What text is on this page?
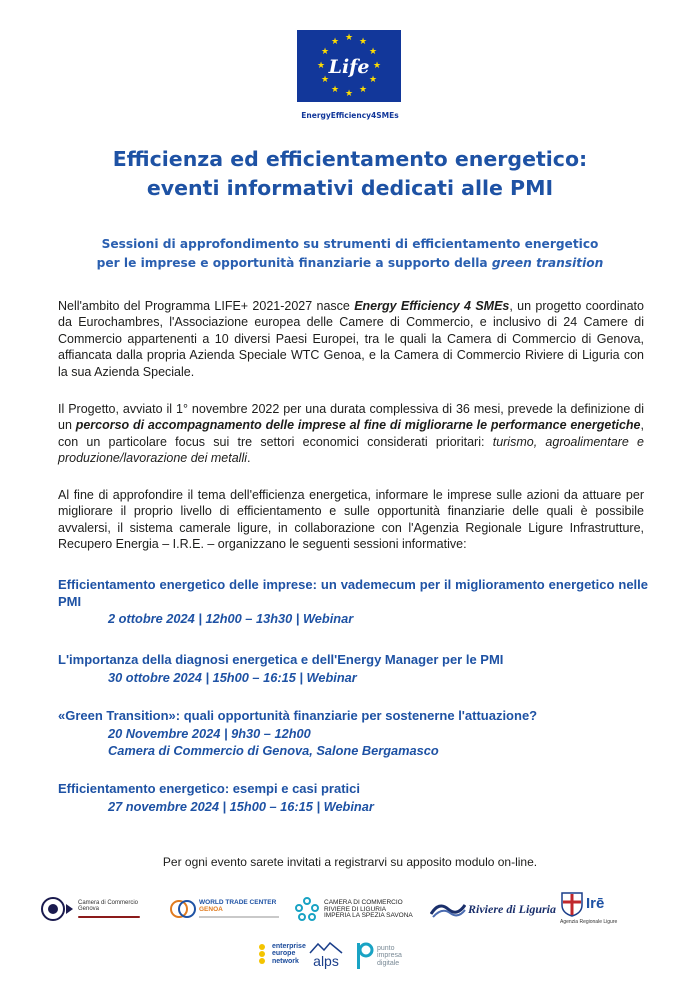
★ ★
★
★
★
★
★
★
★
★
★
★
Life
EnergyEfficiency4SMEs
Efficienza ed efficientamento energetico:
eventi informativi dedicati alle PMI
Sessioni di approfondimento su strumenti di efficientamento energetico
per le imprese e opportunità finanziarie a supporto della green transition

Nell'ambito del Programma LIFE+ 2021-2027 nasce Energy Efficiency 4 SMEs, un progetto coordinato da Eurochambres, l'Associazione europea delle Camere di Commercio, e inclusivo di 24 Camere di Commercio appartenenti a 10 diversi Paesi Europei, tra le quali la Camera di Commercio di Genova, affiancata dalla propria Azienda Speciale WTC Genoa, e la Camera di Commercio Riviere di Liguria con la sua Azienda Speciale.

Il Progetto, avviato il 1° novembre 2022 per una durata complessiva di 36 mesi, prevede la definizione di un percorso di accompagnamento delle imprese al fine di migliorarne le performance energetiche, con un particolare focus sui tre settori economici considerati prioritari: turismo, agroalimentare e produzione/lavorazione dei metalli.

Al fine di approfondire il tema dell'efficienza energetica, informare le imprese sulle azioni da attuare per migliorare il proprio livello di efficientamento e sulle opportunità finanziarie delle quali è possibile avvalersi, il sistema camerale ligure, in collaborazione con l'Agenzia Regionale Ligure Infrastrutture, Recupero Energia – I.R.E. – organizzano le seguenti sessioni informative:

Efficientamento energetico delle imprese: un vademecum per il miglioramento energetico nelle PMI

2 ottobre 2024 | 12h00 – 13h30 | Webinar

L'importanza della diagnosi energetica e dell'Energy Manager per le PMI

30 ottobre 2024 | 15h00 – 16:15 | Webinar

«Green Transition»: quali opportunità finanziarie per sostenerne l'attuazione?

20 Novembre 2024 | 9h30 – 12h00

Camera di Commercio di Genova, Salone Bergamasco

Efficientamento energetico: esempi e casi pratici

27 novembre 2024 | 15h00 – 16:15 | Webinar

Per ogni evento sarete invitati a registrarvi su apposito modulo on-line.

Camera di Commercio
Genova
WORLD TRADE CENTER
GENOA
CAMERA DI COMMERCIO
RIVIERE DI LIGURIA
IMPERIA LA SPEZIA SAVONA
Riviere di Liguria Irē
Agenzia Regionale Ligure
enterprise
europe
network	alps
punto
impresa
digitale
